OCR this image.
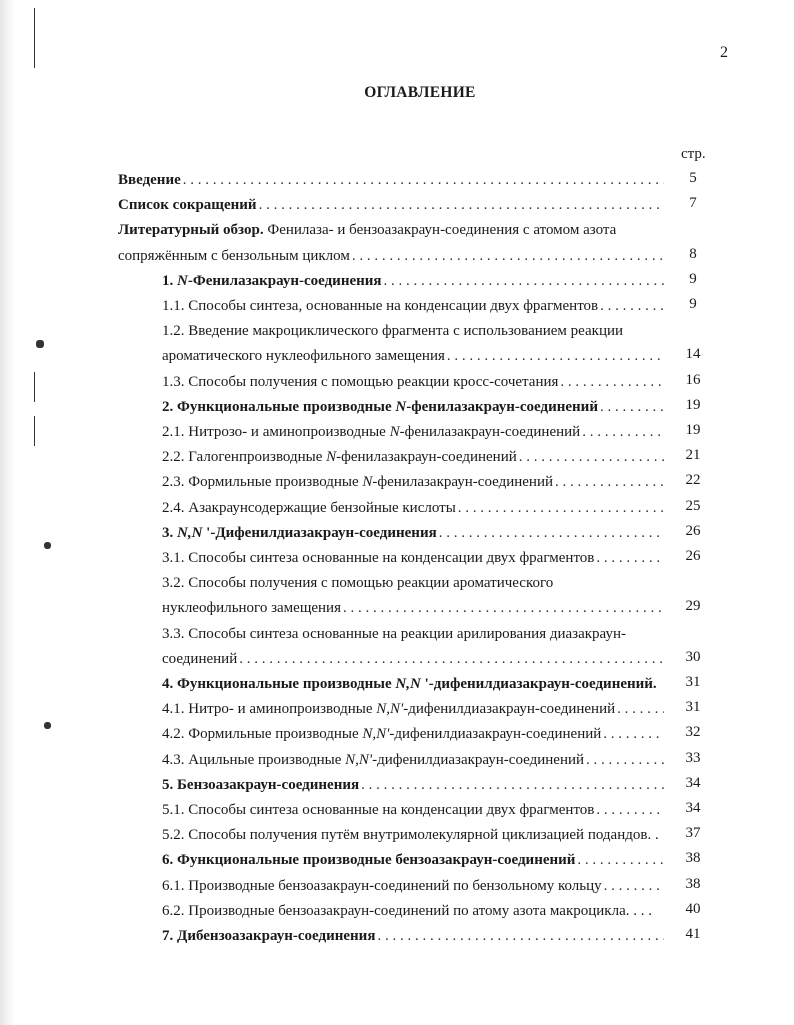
2
ОГЛАВЛЕНИЕ
стр.
Введение . . .	5
Список сокращений . . .	7
Литературный обзор. Фенилаза- и бензоазакраун-соединения с атомом азота
сопряжённым с бензольным циклом . . .	8
1. N-Фенилазакраун-соединения . . .	9
1.1. Способы синтеза, основанные на конденсации двух фрагментов . . .	9
1.2. Введение макроциклического фрагмента с использованием реакции
ароматического нуклеофильного замещения . . .	14
1.3. Способы получения с помощью реакции кросс-сочетания . . .	16
2. Функциональные производные N-фенилазакраун-соединений . . .	19
2.1. Нитрозо- и аминопроизводные N-фенилазакраун-соединений . . .	19
2.2. Галогенпроизводные N-фенилазакраун-соединений . . .	21
2.3. Формильные производные N-фенилазакраун-соединений . . .	22
2.4. Азакраунсодержащие бензойные кислоты . . .	25
3. N,N '-Дифенилдиазакраун-соединения . . .	26
3.1. Способы синтеза основанные на конденсации двух фрагментов . . .	26
3.2. Способы получения с помощью реакции ароматического
нуклеофильного замещения . . .	29
3.3. Способы синтеза основанные на реакции арилирования диазакраун-
соединений . . .	30
4. Функциональные производные N,N '-дифенилдиазакраун-соединений.	31
4.1. Нитро- и аминопроизводные N,N'-дифенилдиазакраун-соединений . . .	31
4.2. Формильные производные N,N'-дифенилдиазакраун-соединений . . .	32
4.3. Ацильные производные N,N'-дифенилдиазакраун-соединений . . .	33
5. Бензоазакраун-соединения . . .	34
5.1. Способы синтеза основанные на конденсации двух фрагментов . . .	34
5.2. Способы получения путём внутримолекулярной циклизацией подандов. .	37
6. Функциональные производные бензоазакраун-соединений . . .	38
6.1. Производные бензоазакраун-соединений по бензольному кольцу . . .	38
6.2. Производные бензоазакраун-соединений по атому азота макроцикла. . . .	40
7. Дибензоазакраун-соединения . . .	41
